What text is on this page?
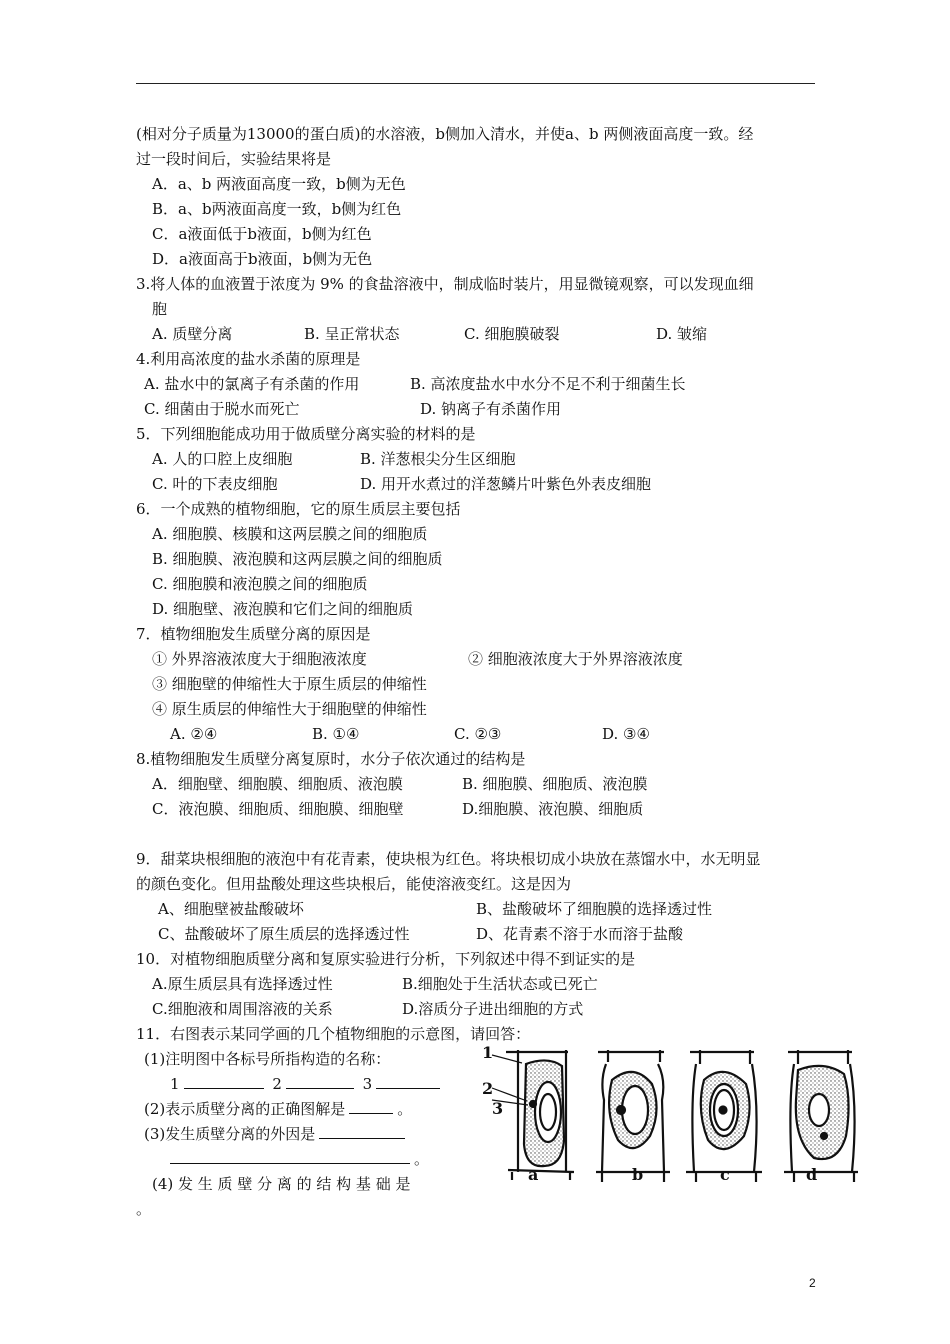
(相对分子质量为13000的蛋白质)的水溶液，b侧加入清水，并使a、b 两侧液面高度一致。经
过一段时间后，实验结果将是
A．a、b 两液面高度一致，b侧为无色
B．a、b两液面高度一致，b侧为红色
C．a液面低于b液面，b侧为红色
D．a液面高于b液面，b侧为无色
3.将人体的血液置于浓度为 9% 的食盐溶液中，制成临时装片，用显微镜观察，可以发现血细
胞
A. 质壁分离	B. 呈正常状态	C. 细胞膜破裂	D. 皱缩
4.利用高浓度的盐水杀菌的原理是
A. 盐水中的氯离子有杀菌的作用	B. 高浓度盐水中水分不足不利于细菌生长
C. 细菌由于脱水而死亡	D. 钠离子有杀菌作用
5．下列细胞能成功用于做质壁分离实验的材料的是
A. 人的口腔上皮细胞	B. 洋葱根尖分生区细胞
C. 叶的下表皮细胞	D. 用开水煮过的洋葱鳞片叶紫色外表皮细胞
6．一个成熟的植物细胞，它的原生质层主要包括
A. 细胞膜、核膜和这两层膜之间的细胞质
B. 细胞膜、液泡膜和这两层膜之间的细胞质
C. 细胞膜和液泡膜之间的细胞质
D. 细胞壁、液泡膜和它们之间的细胞质
7．植物细胞发生质壁分离的原因是
① 外界溶液浓度大于细胞液浓度	② 细胞液浓度大于外界溶液浓度
③ 细胞壁的伸缩性大于原生质层的伸缩性
④ 原生质层的伸缩性大于细胞壁的伸缩性
A. ②④	B. ①④	C. ②③	D. ③④
8.植物细胞发生质壁分离复原时，水分子依次通过的结构是
A．细胞壁、细胞膜、细胞质、液泡膜	B. 细胞膜、细胞质、液泡膜
C．液泡膜、细胞质、细胞膜、细胞壁	D.细胞膜、液泡膜、细胞质
9．甜菜块根细胞的液泡中有花青素，使块根为红色。将块根切成小块放在蒸馏水中，水无明显
的颜色变化。但用盐酸处理这些块根后，能使溶液变红。这是因为
A、细胞壁被盐酸破坏	B、盐酸破坏了细胞膜的选择透过性
C、盐酸破坏了原生质层的选择透过性	D、花青素不溶于水而溶于盐酸
10．对植物细胞质壁分离和复原实验进行分析，下列叙述中得不到证实的是
A.原生质层具有选择透过性	B.细胞处于生活状态或已死亡
C.细胞液和周围溶液的关系	D.溶质分子进出细胞的方式
11．右图表示某同学画的几个植物细胞的示意图，请回答：
(1)注明图中各标号所指构造的名称：
1	2	3
(2)表示质壁分离的正确图解是	。
(3)发生质壁分离的外因是
。
(4) 发 生 质 壁 分 离 的 结 构 基 础 是
。
1
2
3
a	b	c	d
2
